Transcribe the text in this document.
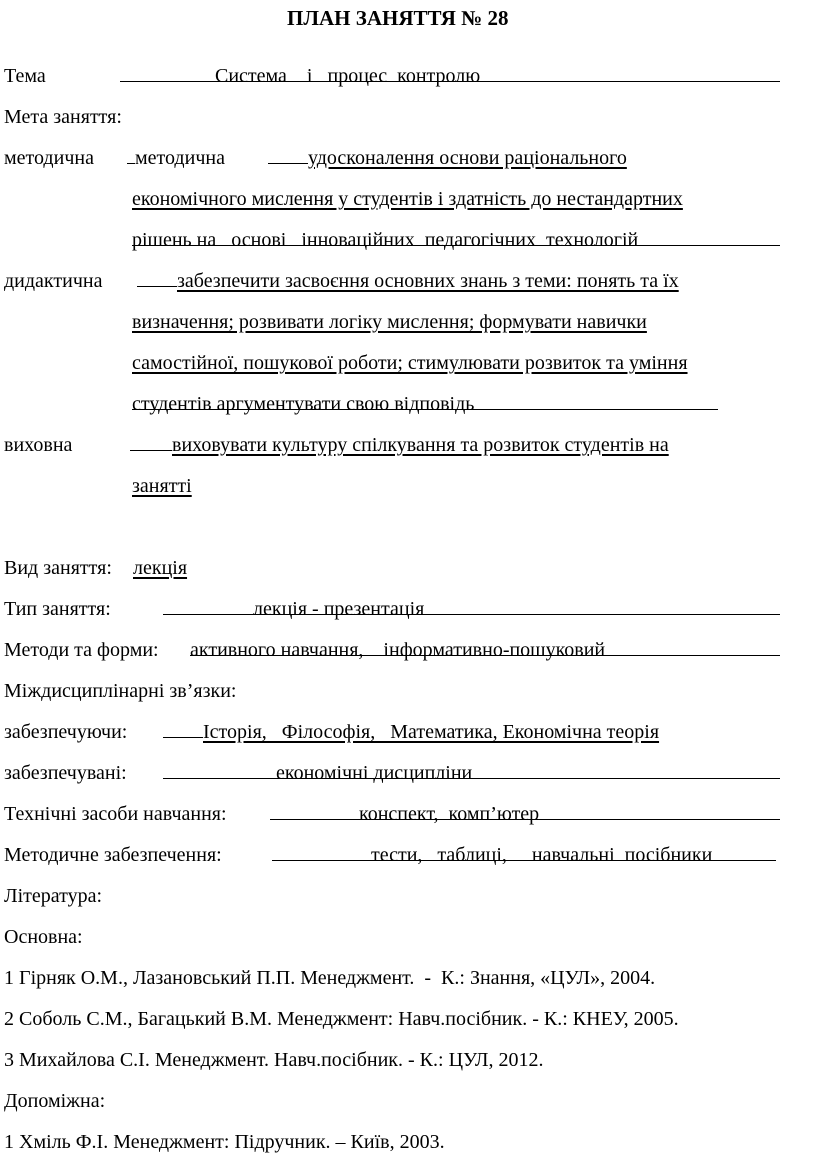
ПЛАН ЗАНЯТТЯ № 28
Тема	Система    і   процес  контролю
Мета заняття:
методична методична	удосконалення основи раціонального
економічного мислення у студентів і здатність до нестандартних
рішень на   основі   інноваційних  педагогічних  технологій
дидактична	забезпечити засвоєння основних знань з теми: понять та їх
визначення; розвивати логіку мислення; формувати навички
самостійної, пошукової роботи; стимулювати розвиток та уміння
студентів аргументувати свою відповідь
виховна	виховувати культуру спілкування та розвиток студентів на
занятті
Вид заняття: лекція
Тип заняття:	лекція - презентація
Методи та форми: активного навчання,    інформативно-пошуковий
Міждисциплінарні зв’язки:
забезпечуючи:	Історія,   Філософія,   Математика, Економічна теорія
забезпечувані:	економічні дисципліни
Технічні засоби навчання:	конспект,  комп’ютер
Методичне забезпечення:	тести,   таблиці,     навчальні  посібники
Література:
Основна:
1 Гірняк О.М., Лазановський П.П. Менеджмент.  -  К.: Знання, «ЦУЛ», 2004.
2 Соболь С.М., Багацький В.М. Менеджмент: Навч.посібник. - К.: КНЕУ, 2005.
3 Михайлова С.І. Менеджмент. Навч.посібник. - К.: ЦУЛ, 2012.
Допоміжна:
1 Хміль Ф.І. Менеджмент: Підручник. – Київ, 2003.
